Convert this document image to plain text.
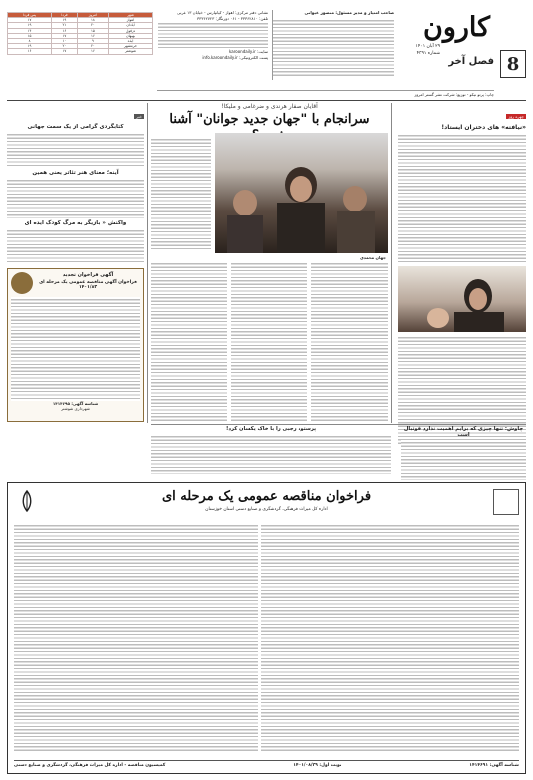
8
کارون
فصل آخر
۲۹ آبان ۱۴۰۱
شماره ۴۳۹۱
صاحب امتیاز و مدیر مسئول: منصور غیوانی
نشانی دفتر مرکزی: اهواز - کیانپارس - خیابان ۱۳ غربی
تلفن: ۳۳۳۶۲۸۱۰ - ۰۶۱ دورنگار: ۳۳۳۶۲۷۲۳
سایت: karoondaily.ir
پست الکترونیکی: info.karoondaily.ir
شهر	امروز	فردا	پس فردا
اهواز	۱۸	۱۹	۱۷
آبادان	۲۰	۲۱	۱۹
دزفول	۱۵	۱۶	۱۴
بهبهان	۱۶	۱۷	۱۵
ایذه	۹	۱۰	۸
خرمشهر	۲۰	۲۰	۱۹
شوشتر	۱۶	۱۷	۱۶
چاپ: پرتو نیکو - توزیع: شرکت نشر گستر امروز
چهره روز
«نیافته» های دختران ایستاد!
آقایان صفار هرندی و ضرغامی و ملیکا!
سرانجام با "جهان جدید جوانان" آشنا
جهان محمدی
خبر
کتابگردی گرامی از یک سمت جهانی
آینه؛ معنای هنر تئاتر یعنی همین
واکنش « بازیگر به مرگ کودک ایذه ای
آگهی فراخوان تجدید
فراخوان آگهی مناقصه عمومی یک مرحله ای ۱۴۰۱/۸۳
شناسه آگهی: ۱۴۱۴۶۹۵
شهرداری شوشتر
چاوش: تنها چیزی که برایم اهمیت ندارد فوتبال است
پرستو، رجبی را با خاک یکسان کرد!
فراخوان مناقصه عمومی یک مرحله ای
اداره کل میراث فرهنگی، گردشگری و صنایع دستی استان خوزستان
شناسه آگهی: ۱۴۱۴۶۹۱
نوبت اول: ۱۴۰۱/۰۸/۲۹
کمیسیون مناقصه - اداره کل میراث فرهنگی، گردشگری و صنایع دستی
